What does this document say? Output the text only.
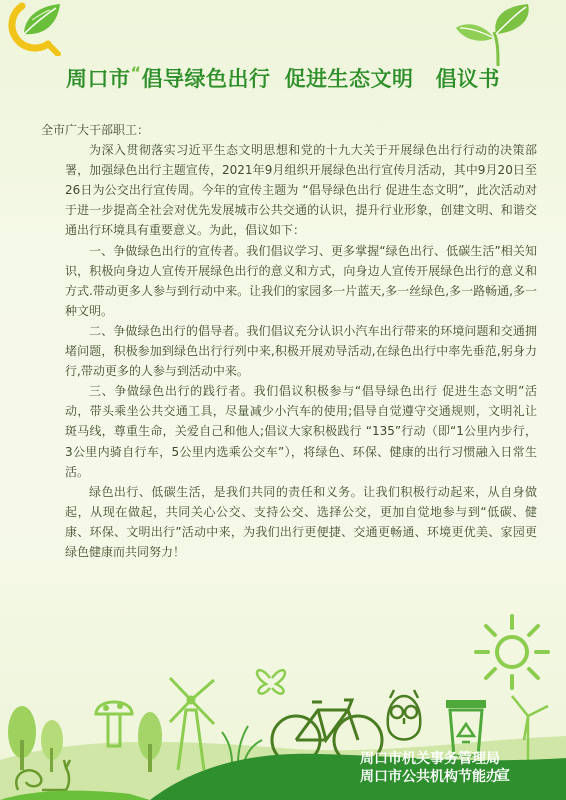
周口市“倡导绿色出行 促进生态文明 倡议书

全市广大干部职工：

为深入贯彻落实习近平生态文明思想和党的十九大关于开展绿色出行行动的决策部署，加强绿色出行主题宣传，2021年9月组织开展绿色出行宣传月活动，其中9月20日至26日为公交出行宣传周。今年的宣传主题为 “倡导绿色出行 促进生态文明”，此次活动对于进一步提高全社会对优先发展城市公共交通的认识，提升行业形象，创建文明、和谐交通出行环境具有重要意义。为此，倡议如下：

一、争做绿色出行的宣传者。我们倡议学习、更多掌握“绿色出行、低碳生活”相关知识，积极向身边人宣传开展绿色出行的意义和方式，向身边人宣传开展绿色出行的意义和方式.带动更多人参与到行动中来。让我们的家园多一片蓝天,多一丝绿色,多一路畅通,多一种文明。

二、争做绿色出行的倡导者。我们倡议充分认识小汽车出行带来的环境问题和交通拥堵问题，积极参加到绿色出行行列中来,积极开展劝导活动,在绿色出行中率先垂范,躬身力行,带动更多的人参与到活动中来。

三、争做绿色出行的践行者。我们倡议积极参与“倡导绿色出行 促进生态文明”活动，带头乘坐公共交通工具，尽量减少小汽车的使用;倡导自觉遵守交通规则，文明礼让斑马线，尊重生命，关爱自己和他人;倡议大家积极践行 “135”行动（即“1公里内步行，3公里内骑自行车，5公里内选乘公交车”），将绿色、环保、健康的出行习惯融入日常生活。

绿色出行、低碳生活，是我们共同的责任和义务。让我们积极行动起来，从自身做起，从现在做起，共同关心公交、支持公交、选择公交，更加自觉地参与到“低碳、健康、环保、文明出行”活动中来，为我们出行更便捷、交通更畅通、环境更优美、家园更绿色健康而共同努力！

周口市机关事务管理局
周口市公共机构节能办
宣
